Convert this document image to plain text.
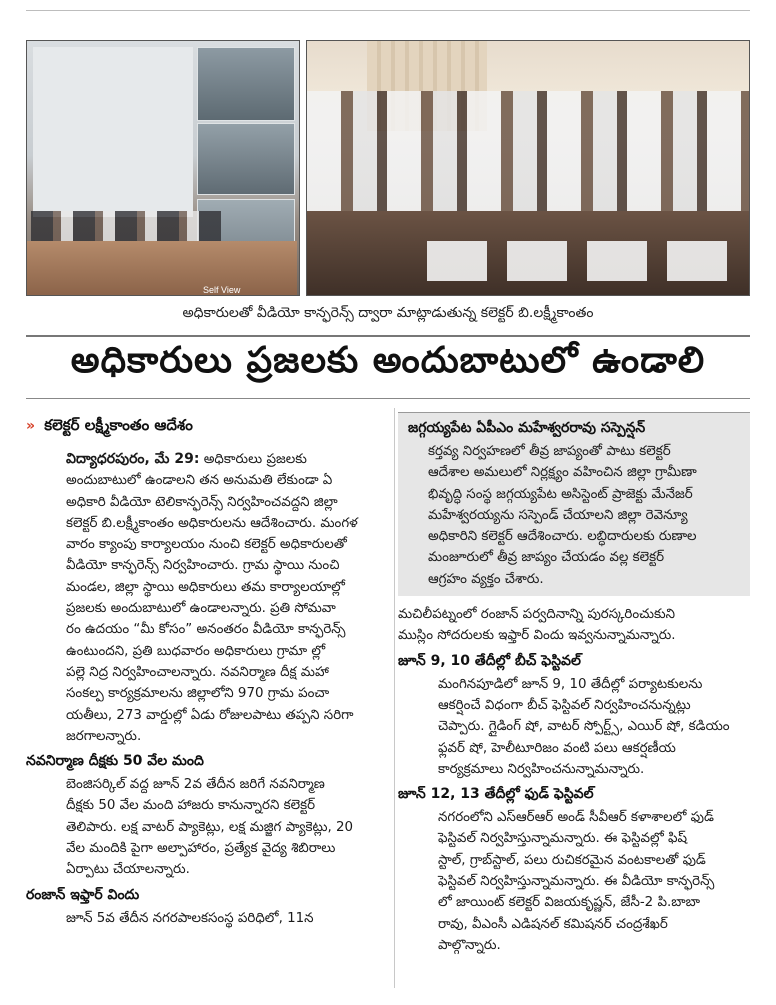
Self View
అధికారులతో వీడియో కాన్ఫరెన్స్ ద్వారా మాట్లాడుతున్న కలెక్టర్ బి.లక్ష్మీకాంతం
అధికారులు ప్రజలకు అందుబాటులో ఉండాలి
» కలెక్టర్ లక్ష్మీకాంతం ఆదేశం

విద్యాధరపురం, మే 29: అధికారులు ప్రజలకు
అందుబాటులో ఉండాలని తన అనుమతి లేకుండా ఏ
అధికారి వీడియో టెలికాన్ఫరెన్స్ నిర్వహించవద్దని జిల్లా
కలెక్టర్ బి.లక్ష్మీకాంతం అధికారులను ఆదేశించారు. మంగళ
వారం క్యాంపు కార్యాలయం నుంచి కలెక్టర్ అధికారులతో
వీడియో కాన్ఫరెన్స్ నిర్వహించారు. గ్రామ స్థాయి నుంచి
మండల, జిల్లా స్థాయి అధికారులు తమ కార్యాలయాల్లో
ప్రజలకు అందుబాటులో ఉండాలన్నారు. ప్రతి సోమవా
రం ఉదయం “మీ కోసం” అనంతరం వీడియో కాన్ఫరెన్స్
ఉంటుందని, ప్రతి బుధవారం అధికారులు గ్రామా ల్లో
పల్లె నిద్ర నిర్వహించాలన్నారు. నవనిర్మాణ దీక్ష మహా
సంకల్ప కార్యక్రమాలను జిల్లాలోని 970 గ్రామ పంచా
యతీలు, 273 వార్డుల్లో ఏడు రోజులపాటు తప్పని సరిగా
జరగాలన్నారు.

నవనిర్మాణ దీక్షకు 50 వేల మంది

బెంజిసర్కిల్ వద్ద జూన్ 2వ తేదీన జరిగే నవనిర్మాణ
దీక్షకు 50 వేల మంది హాజరు కానున్నారని కలెక్టర్
తెలిపారు. లక్ష వాటర్ ప్యాకెట్లు, లక్ష మజ్జిగ ప్యాకెట్లు, 20
వేల మందికి పైగా అల్పాహారం, ప్రత్యేక వైద్య శిబిరాలు
ఏర్పాటు చేయాలన్నారు.

రంజాన్ ఇఫ్తార్ విందు

జూన్ 5వ తేదీన నగరపాలకసంస్థ పరిధిలో, 11న

జగ్గయ్యపేట ఏపీఎం మహేశ్వరరావు సస్పెన్షన్

కర్తవ్య నిర్వహణలో తీవ్ర జాప్యంతో పాటు కలెక్టర్
ఆదేశాల అమలులో నిర్లక్ష్యం వహించిన జిల్లా గ్రామీణా
భివృద్ధి సంస్థ జగ్గయ్యపేట అసిస్టెంట్ ప్రాజెక్టు మేనేజర్
మహేశ్వరయ్యను సస్పెండ్ చేయాలని జిల్లా రెవెన్యూ
అధికారిని కలెక్టర్ ఆదేశించారు. లబ్ధిదారులకు రుణాల
మంజూరులో తీవ్ర జాప్యం చేయడం వల్ల కలెక్టర్
ఆగ్రహం వ్యక్తం చేశారు.

మచిలీపట్నంలో రంజాన్ పర్వదినాన్ని పురస్కరించుకుని
ముస్లిం సోదరులకు ఇఫ్తార్ విందు ఇవ్వనున్నామన్నారు.

జూన్ 9, 10 తేదీల్లో బీచ్ ఫెస్టివల్

మంగినపూడిలో జూన్ 9, 10 తేదీల్లో పర్యాటకులను
ఆకర్షించే విధంగా బీచ్ ఫెస్టివల్ నిర్వహించనున్నట్లు
చెప్పారు. గ్లైడింగ్ షో, వాటర్ స్పోర్ట్స్, ఎయిర్ షో, కడియం
ఫ్లవర్ షో, హెలీటూరిజం వంటి పలు ఆకర్షణీయ
కార్యక్రమాలు నిర్వహించనున్నామన్నారు.

జూన్ 12, 13 తేదీల్లో ఫుడ్ ఫెస్టివల్

నగరంలోని ఎస్ఆర్ఆర్ అండ్ సీవీఆర్ కళాశాలలో ఫుడ్
ఫెస్టివల్ నిర్వహిస్తున్నామన్నారు. ఈ ఫెస్టివల్లో ఫిష్
స్టాల్, గ్రాబ్‌స్టాల్, పలు రుచికరమైన వంటకాలతో ఫుడ్
ఫెస్టివల్ నిర్వహిస్తున్నామన్నారు. ఈ వీడియో కాన్ఫరెన్స్
లో జాయింట్ కలెక్టర్ విజయకృష్ణన్, జేసీ-2 పి.బాబా
రావు, వీఎంసీ ఎడిషనల్ కమిషనర్ చంద్రశేఖర్
పాల్గొన్నారు.
